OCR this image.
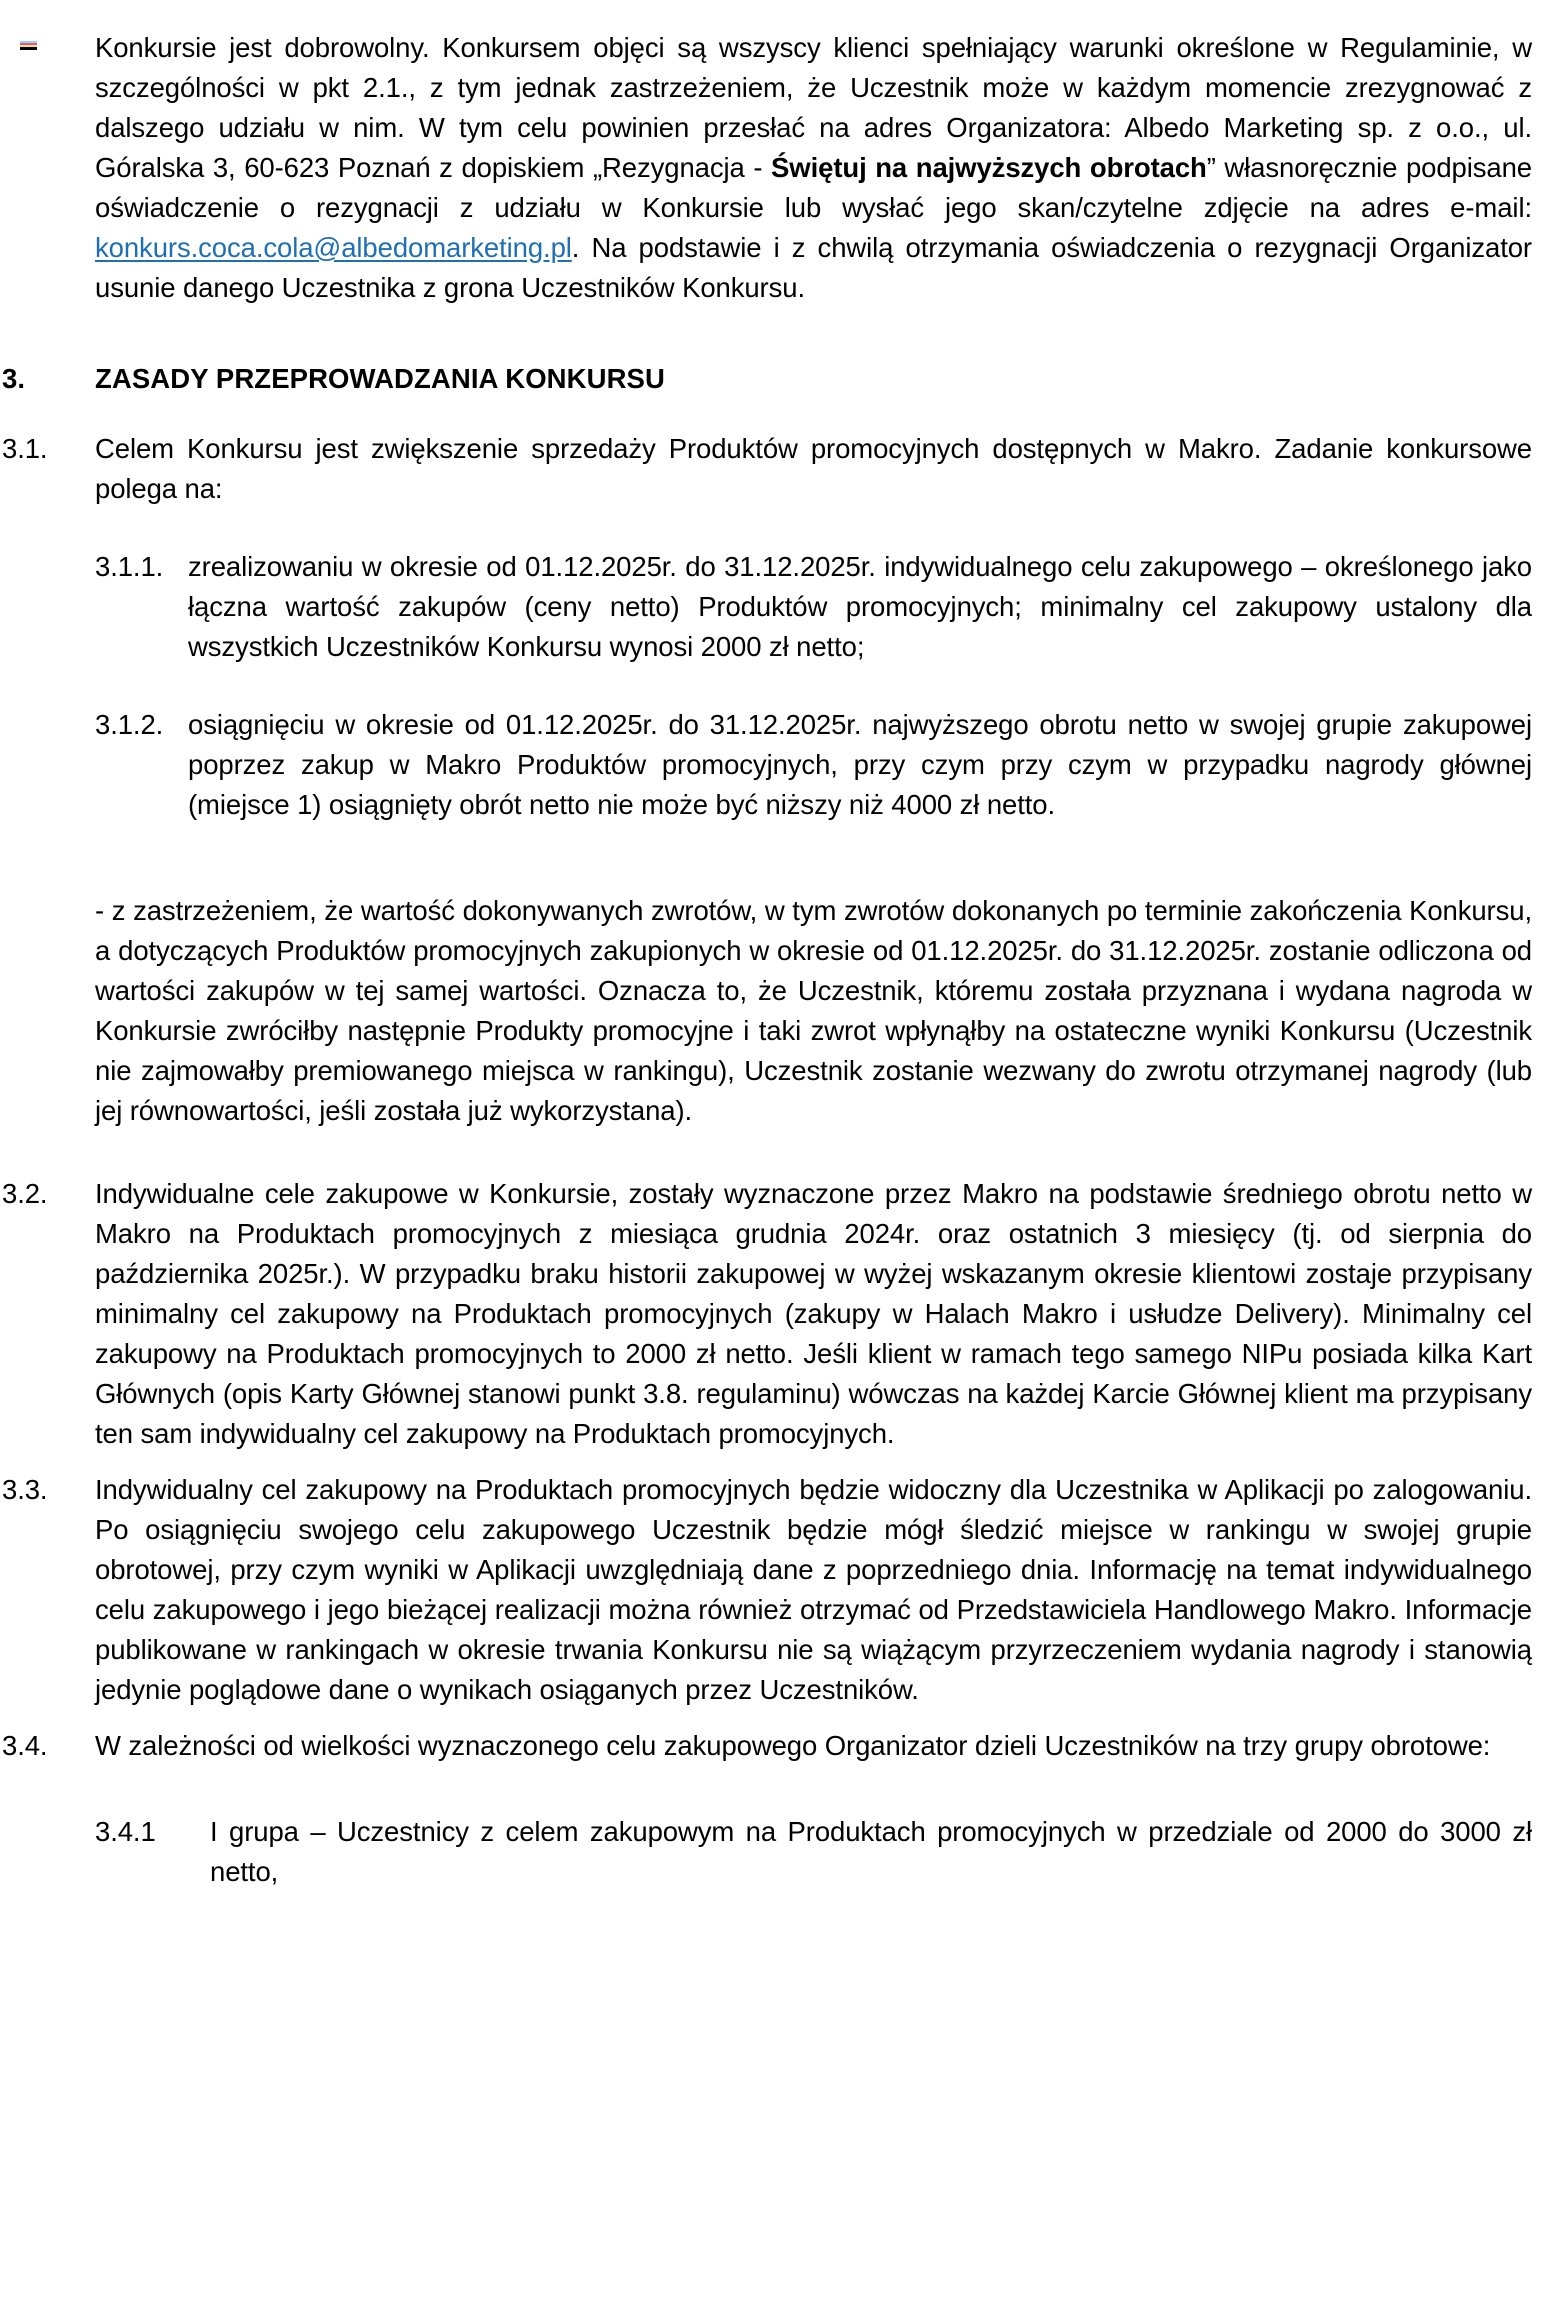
Konkursie jest dobrowolny. Konkursem objęci są wszyscy klienci spełniający warunki określone w Regulaminie, w szczególności w pkt 2.1., z tym jednak zastrzeżeniem, że Uczestnik może w każdym momencie zrezygnować z dalszego udziału w nim. W tym celu powinien przesłać na adres Organizatora: Albedo Marketing sp. z o.o., ul. Góralska 3, 60-623 Poznań z dopiskiem „Rezygnacja - Świętuj na najwyższych obrotach” własnoręcznie podpisane oświadczenie o rezygnacji z udziału w Konkursie lub wysłać jego skan/czytelne zdjęcie na adres e-mail: konkurs.coca.cola@albedomarketing.pl. Na podstawie i z chwilą otrzymania oświadczenia o rezygnacji Organizator usunie danego Uczestnika z grona Uczestników Konkursu.

3.	ZASADY PRZEPROWADZANIA KONKURSU
3.1.	Celem Konkursu jest zwiększenie sprzedaży Produktów promocyjnych dostępnych w Makro. Zadanie konkursowe polega na:
3.1.1. zrealizowaniu w okresie od 01.12.2025r. do 31.12.2025r. indywidualnego celu zakupowego – określonego jako łączna wartość zakupów (ceny netto) Produktów promocyjnych; minimalny cel zakupowy ustalony dla wszystkich Uczestników Konkursu wynosi 2000 zł netto;
3.1.2. osiągnięciu w okresie od 01.12.2025r. do 31.12.2025r. najwyższego obrotu netto w swojej grupie zakupowej poprzez zakup w Makro Produktów promocyjnych, przy czym przy czym w przypadku nagrody głównej (miejsce 1) osiągnięty obrót netto nie może być niższy niż 4000 zł netto.

- z zastrzeżeniem, że wartość dokonywanych zwrotów, w tym zwrotów dokonanych po terminie zakończenia Konkursu, a dotyczących Produktów promocyjnych zakupionych w okresie od 01.12.2025r. do 31.12.2025r. zostanie odliczona od wartości zakupów w tej samej wartości. Oznacza to, że Uczestnik, któremu została przyznana i wydana nagroda w Konkursie zwróciłby następnie Produkty promocyjne i taki zwrot wpłynąłby na ostateczne wyniki Konkursu (Uczestnik nie zajmowałby premiowanego miejsca w rankingu), Uczestnik zostanie wezwany do zwrotu otrzymanej nagrody (lub jej równowartości, jeśli została już wykorzystana).

3.2.	Indywidualne cele zakupowe w Konkursie, zostały wyznaczone przez Makro na podstawie średniego obrotu netto w Makro na Produktach promocyjnych z miesiąca grudnia 2024r. oraz ostatnich 3 miesięcy (tj. od sierpnia do października 2025r.). W przypadku braku historii zakupowej w wyżej wskazanym okresie klientowi zostaje przypisany minimalny cel zakupowy na Produktach promocyjnych (zakupy w Halach Makro i usłudze Delivery). Minimalny cel zakupowy na Produktach promocyjnych to 2000 zł netto. Jeśli klient w ramach tego samego NIPu posiada kilka Kart Głównych (opis Karty Głównej stanowi punkt 3.8. regulaminu) wówczas na każdej Karcie Głównej klient ma przypisany ten sam indywidualny cel zakupowy na Produktach promocyjnych.
3.3.	Indywidualny cel zakupowy na Produktach promocyjnych będzie widoczny dla Uczestnika w Aplikacji po zalogowaniu. Po osiągnięciu swojego celu zakupowego Uczestnik będzie mógł śledzić miejsce w rankingu w swojej grupie obrotowej, przy czym wyniki w Aplikacji uwzględniają dane z poprzedniego dnia. Informację na temat indywidualnego celu zakupowego i jego bieżącej realizacji można również otrzymać od Przedstawiciela Handlowego Makro. Informacje publikowane w rankingach w okresie trwania Konkursu nie są wiążącym przyrzeczeniem wydania nagrody i stanowią jedynie poglądowe dane o wynikach osiąganych przez Uczestników.
3.4.	W zależności od wielkości wyznaczonego celu zakupowego Organizator dzieli Uczestników na trzy grupy obrotowe:
3.4.1	I grupa – Uczestnicy z celem zakupowym na Produktach promocyjnych w przedziale od 2000 do 3000 zł netto,
